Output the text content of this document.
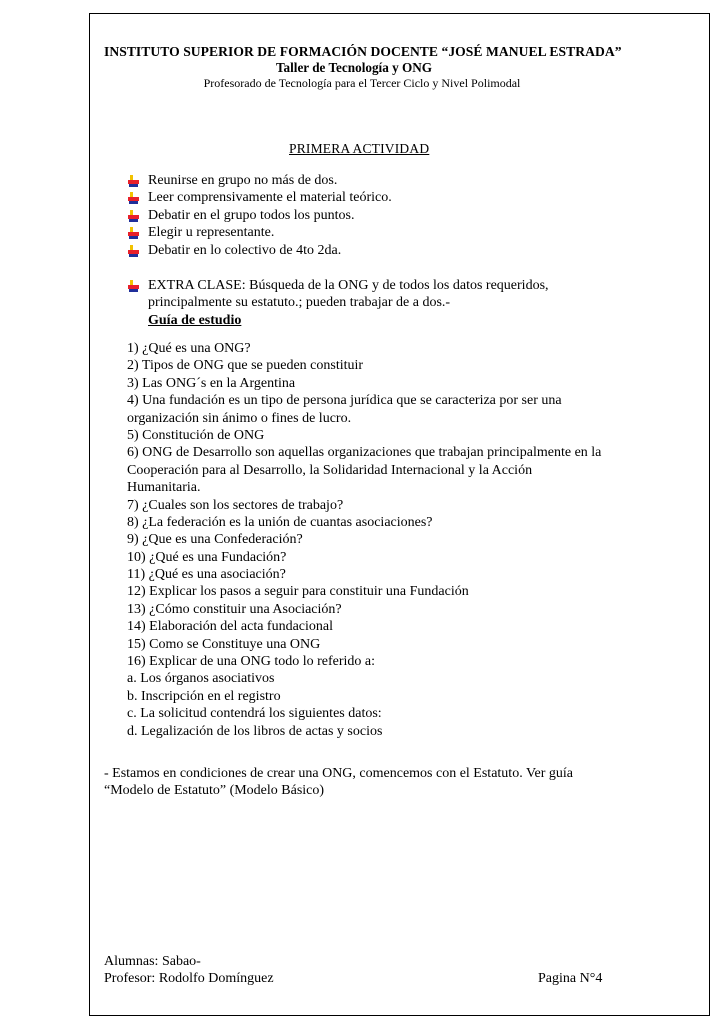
INSTITUTO SUPERIOR DE FORMACIÓN DOCENTE “JOSÉ MANUEL ESTRADA”
Taller de Tecnología y ONG
Profesorado de Tecnología para el Tercer Ciclo y Nivel Polimodal
PRIMERA ACTIVIDAD
Reunirse en grupo no más de dos.
Leer comprensivamente el material teórico.
Debatir en el grupo todos los puntos.
Elegir u representante.
Debatir en lo colectivo de 4to 2da.
EXTRA CLASE: Búsqueda de la ONG y de todos los datos requeridos,
principalmente su estatuto.; pueden trabajar de a dos.-
Guía de estudio
1) ¿Qué es una ONG?
2) Tipos de ONG que se pueden constituir
3) Las ONG´s en la Argentina
4) Una fundación es un tipo de persona jurídica que se caracteriza por ser una
organización sin ánimo o fines de lucro.
5) Constitución de ONG
6) ONG de Desarrollo son aquellas organizaciones que trabajan principalmente en la
Cooperación para al Desarrollo, la Solidaridad Internacional y la Acción
Humanitaria.
7) ¿Cuales son los sectores de trabajo?
8) ¿La federación es la unión de cuantas asociaciones?
9) ¿Que es una Confederación?
10) ¿Qué es una Fundación?
11) ¿Qué es una asociación?
12) Explicar los pasos a seguir para constituir una Fundación
13) ¿Cómo constituir una Asociación?
14) Elaboración del acta fundacional
15) Como se Constituye una ONG
16) Explicar de una ONG todo lo referido a:
a. Los órganos asociativos
b. Inscripción en el registro
c. La solicitud contendrá los siguientes datos:
d. Legalización de los libros de actas y socios
- Estamos en condiciones de crear una ONG, comencemos con el Estatuto. Ver guía
“Modelo de Estatuto” (Modelo Básico)
Alumnas: Sabao-
Profesor: Rodolfo Domínguez	Pagina N°4
